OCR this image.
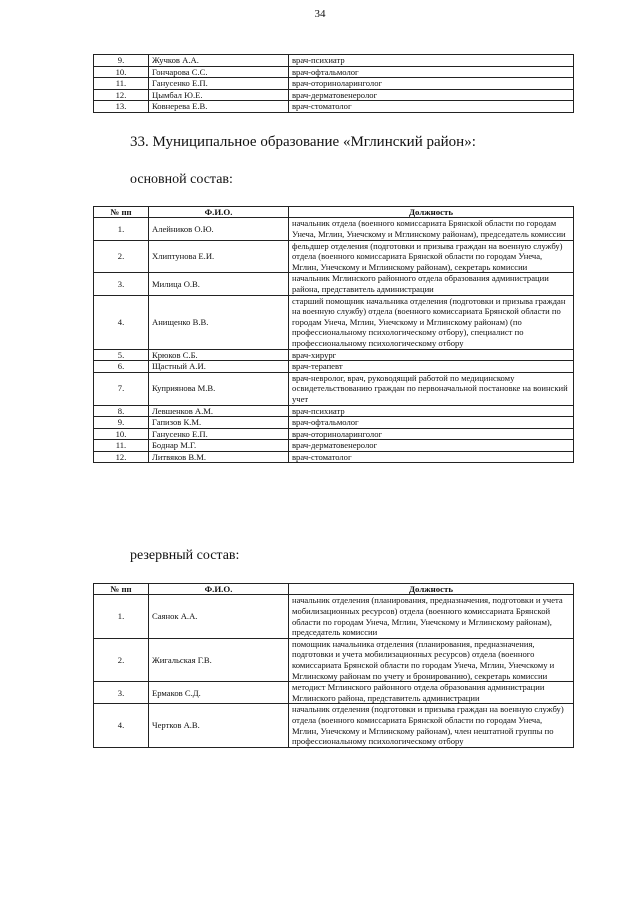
34
9.	Жучков А.А.	врач-психиатр
10.	Гончарова С.С.	врач-офтальмолог
11.	Ганусенко Е.П.	врач-оториноларинголог
12.	Цымбал Ю.Е.	врач-дерматовенеролог
13.	Ковнерева Е.В.	врач-стоматолог
33. Муниципальное образование «Мглинский район»:
основной состав:
№ пп	Ф.И.О.	Должность
1.	Алейников О.Ю.	начальник отдела (военного комиссариата Брянской области по городам Унеча, Мглин, Унечскому и Мглинскому районам), председатель комиссии
2.	Хлиптунова Е.И.	фельдшер отделения (подготовки и призыва граждан на военную службу) отдела (военного комиссариата Брянской области по городам Унеча, Мглин, Унечскому и Мглинскому районам), секретарь комиссии
3.	Милица О.В.	начальник Мглинского районного отдела образования администрации района, представитель администрации
4.	Анищенко В.В.	старший помощник начальника отделения (подготовки и призыва граждан на военную службу) отдела (военного комиссариата Брянской области по городам Унеча, Мглин, Унечскому и Мглинскому районам) (по профессиональному психологическому отбору), специалист по профессиональному психологическому отбору
5.	Крюков С.Б.	врач-хирург
6.	Щастный А.И.	врач-терапевт
7.	Куприянова М.В.	врач-невролог, врач, руководящий работой по медицинскому освидетельствованию граждан по первоначальной постановке на воинский учет
8.	Левшенков А.М.	врач-психиатр
9.	Гапизов К.М.	врач-офтальмолог
10.	Ганусенко Е.П.	врач-оториноларинголог
11.	Боднар М.Г.	врач-дерматовенеролог
12.	Литвяков В.М.	врач-стоматолог
резервный состав:
№ пп	Ф.И.О.	Должность
1.	Саянок А.А.	начальник отделения (планирования, предназначения, подготовки и учета мобилизационных ресурсов) отдела (военного комиссариата Брянской области по городам Унеча, Мглин, Унечскому и Мглинскому районам), председатель комиссии
2.	Жигальская Г.В.	помощник начальника отделения (планирования, предназначения, подготовки и учета мобилизационных ресурсов) отдела (военного комиссариата Брянской области по городам Унеча, Мглин, Унечскому и Мглинскому районам по учету и бронированию), секретарь комиссии
3.	Ермаков С.Д.	методист Мглинского районного отдела образования администрации Мглинского района, представитель администрации
4.	Чертков А.В.	начальник отделения (подготовки и призыва граждан на военную службу) отдела (военного комиссариата Брянской области по городам Унеча, Мглин, Унечскому и Мглинскому районам), член нештатной группы по профессиональному психологическому отбору
